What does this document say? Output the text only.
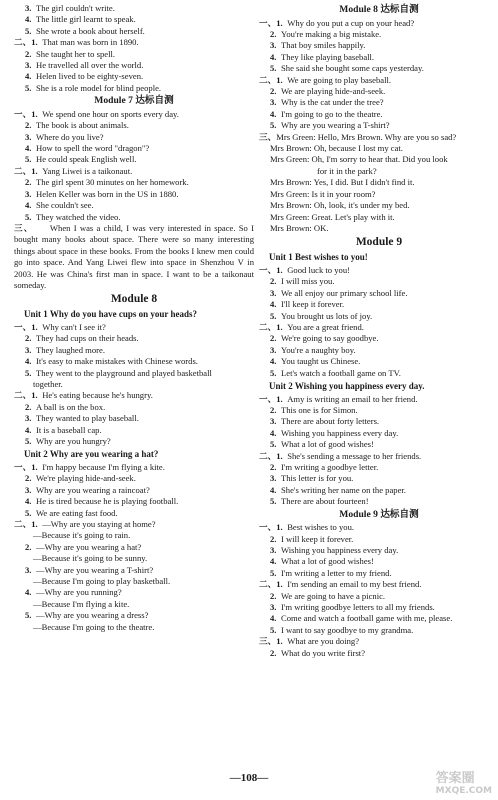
3. The girl couldn't write.
4. The little girl learnt to speak.
5. She wrote a book about herself.
二、1. That man was born in 1890.
2. She taught her to spell.
3. He travelled all over the world.
4. Helen lived to be eighty-seven.
5. She is a role model for blind people.
Module 7 达标自测
一、1. We spend one hour on sports every day.
2. The book is about animals.
3. Where do you live?
4. How to spell the word "dragon"?
5. He could speak English well.
二、1. Yang Liwei is a taikonaut.
2. The girl spent 30 minutes on her homework.
3. Helen Keller was born in the US in 1880.
4. She couldn't see.
5. They watched the video.
三、 When I was a child, I was very interested in space. So I bought many books about space. There were so many interesting things about space in these books. From the books I knew men could go into space. And Yang Liwei flew into space in Shenzhou V in 2003. He was China's first man in space. I want to be a taikonaut someday.
Module 8
Unit 1 Why do you have cups on your heads?
一、1. Why can't I see it?
2. They had cups on their heads.
3. They laughed more.
4. It's easy to make mistakes with Chinese words.
5. They went to the playground and played basketball
together.
二、1. He's eating because he's hungry.
2. A ball is on the box.
3. They wanted to play baseball.
4. It is a baseball cap.
5. Why are you hungry?
Unit 2 Why are you wearing a hat?
一、1. I'm happy because I'm flying a kite.
2. We're playing hide-and-seek.
3. Why are you wearing a raincoat?
4. He is tired because he is playing football.
5. We are eating fast food.
二、1. —Why are you staying at home?
—Because it's going to rain.
2. —Why are you wearing a hat?
—Because it's going to be sunny.
3. —Why are you wearing a T-shirt?
—Because I'm going to play basketball.
4. —Why are you running?
—Because I'm flying a kite.
5. —Why are you wearing a dress?
—Because I'm going to the theatre.
Module 8 达标自测
一、1. Why do you put a cup on your head?
2. You're making a big mistake.
3. That boy smiles happily.
4. They like playing baseball.
5. She said she bought some caps yesterday.
二、1. We are going to play baseball.
2. We are playing hide-and-seek.
3. Why is the cat under the tree?
4. I'm going to go to the theatre.
5. Why are you wearing a T-shirt?
三、Mrs Green: Hello, Mrs Brown. Why are you so sad?
Mrs Brown: Oh, because I lost my cat.
Mrs Green: Oh, I'm sorry to hear that. Did you look
for it in the park?
Mrs Brown: Yes, I did. But I didn't find it.
Mrs Green: Is it in your room?
Mrs Brown: Oh, look, it's under my bed.
Mrs Green: Great. Let's play with it.
Mrs Brown: OK.
Module 9
Unit 1 Best wishes to you!
一、1. Good luck to you!
2. I will miss you.
3. We all enjoy our primary school life.
4. I'll keep it forever.
5. You brought us lots of joy.
二、1. You are a great friend.
2. We're going to say goodbye.
3. You're a naughty boy.
4. You taught us Chinese.
5. Let's watch a football game on TV.
Unit 2 Wishing you happiness every day.
一、1. Amy is writing an email to her friend.
2. This one is for Simon.
3. There are about forty letters.
4. Wishing you happiness every day.
5. What a lot of good wishes!
二、1. She's sending a message to her friends.
2. I'm writing a goodbye letter.
3. This letter is for you.
4. She's writing her name on the paper.
5. There are about fourteen!
Module 9 达标自测
一、1. Best wishes to you.
2. I will keep it forever.
3. Wishing you happiness every day.
4. What a lot of good wishes!
5. I'm writing a letter to my friend.
二、1. I'm sending an email to my best friend.
2. We are going to have a picnic.
3. I'm writing goodbye letters to all my friends.
4. Come and watch a football game with me, please.
5. I want to say goodbye to my grandma.
三、1. What are you doing?
2. What do you write first?
—108—	答案圈
MXQE.COM
